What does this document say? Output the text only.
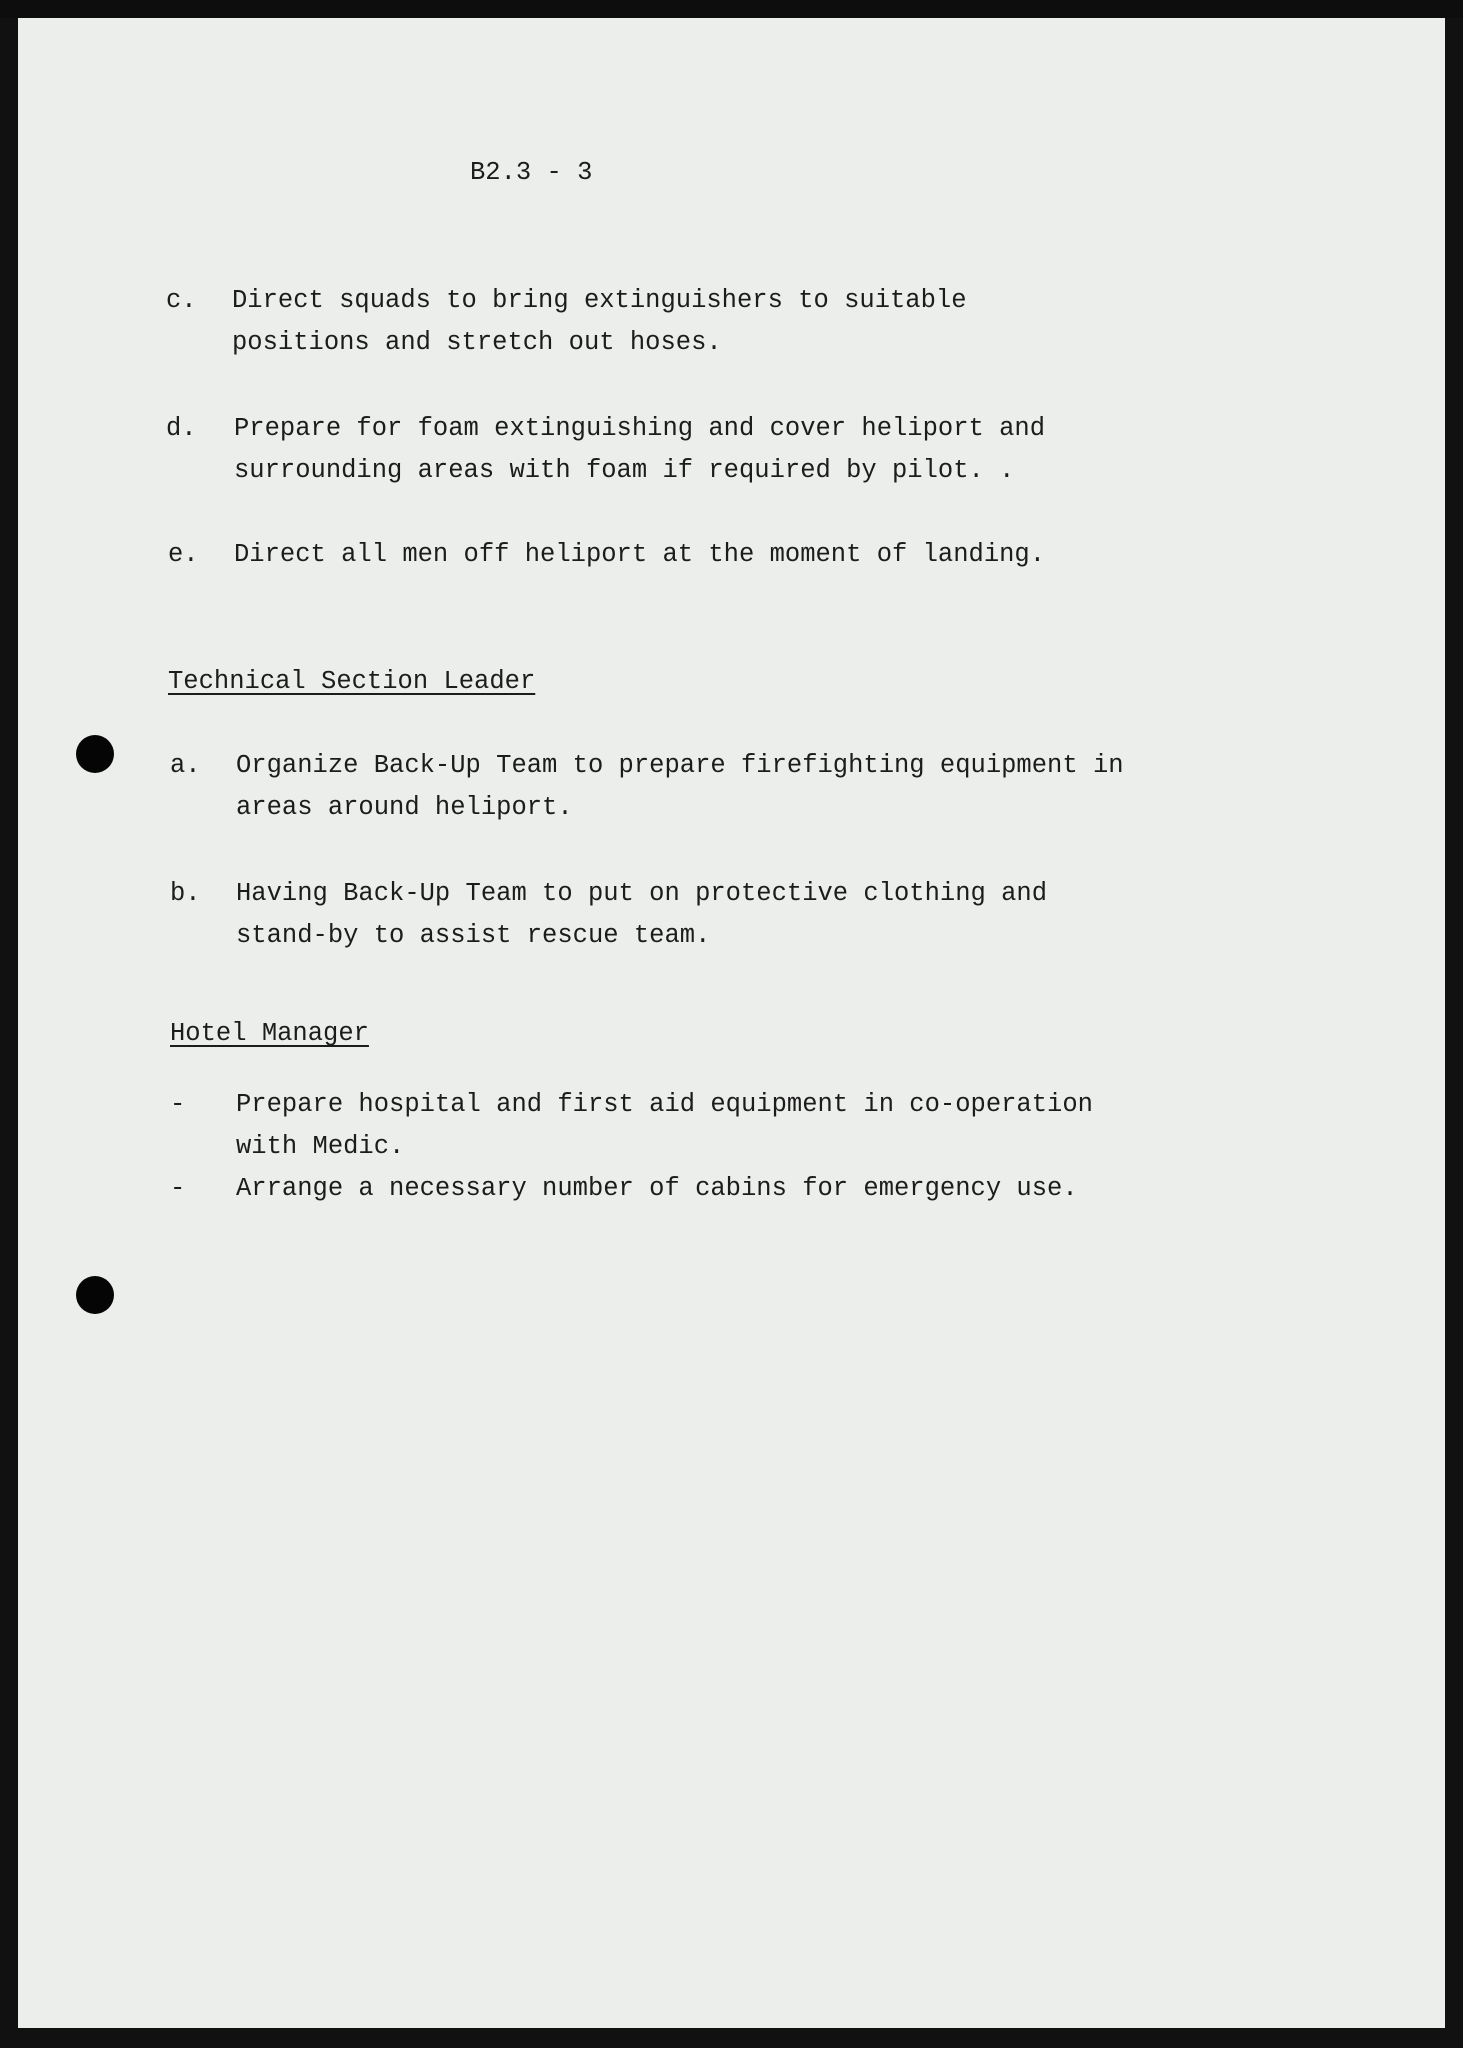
B2.3 - 3
c. Direct squads to bring extinguishers to suitable
positions and stretch out hoses.
d. Prepare for foam extinguishing and cover heliport and
surrounding areas with foam if required by pilot. .
e. Direct all men off heliport at the moment of landing.
Technical Section Leader
a. Organize Back-Up Team to prepare firefighting equipment in
areas around heliport.
b. Having Back-Up Team to put on protective clothing and
stand-by to assist rescue team.
Hotel Manager
- Prepare hospital and first aid equipment in co-operation
with Medic.
- Arrange a necessary number of cabins for emergency use.
